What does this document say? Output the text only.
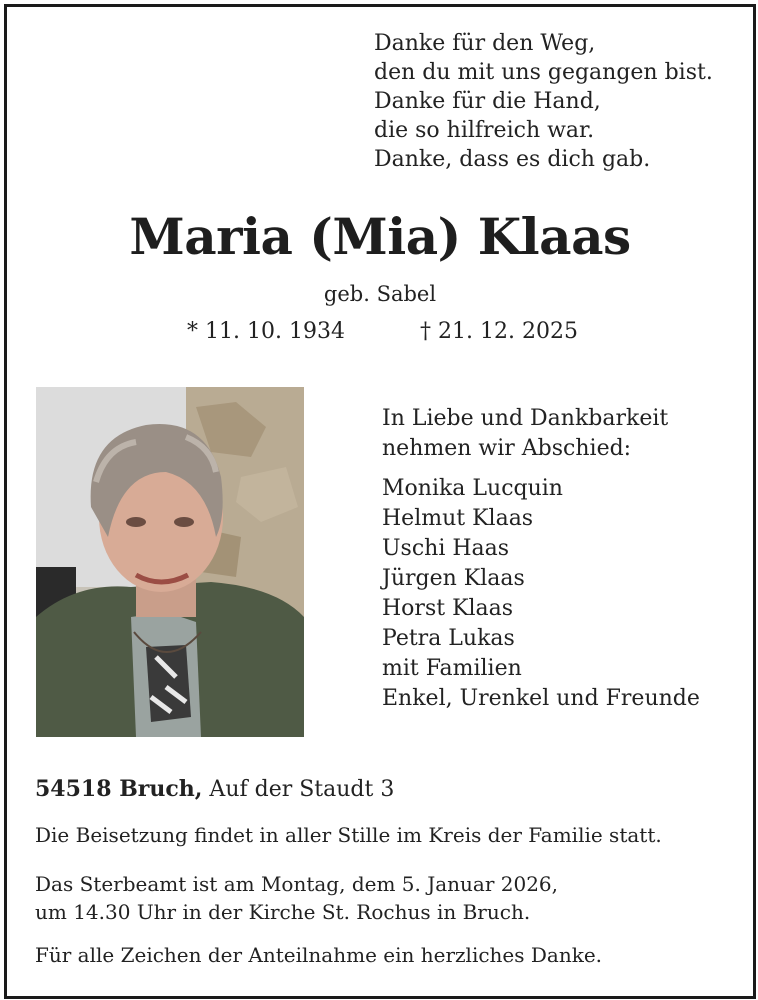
Danke für den Weg,
den du mit uns gegangen bist.
Danke für die Hand,
die so hilfreich war.
Danke, dass es dich gab.
Maria (Mia) Klaas
geb. Sabel
* 11. 10. 1934	† 21. 12. 2025
In Liebe und Dankbarkeit
nehmen wir Abschied:
Monika Lucquin
Helmut Klaas
Uschi Haas
Jürgen Klaas
Horst Klaas
Petra Lukas
mit Familien
Enkel, Urenkel und Freunde
54518 Bruch, Auf der Staudt 3
Die Beisetzung findet in aller Stille im Kreis der Familie statt.
Das Sterbeamt ist am Montag, dem 5. Januar 2026,
um 14.30 Uhr in der Kirche St. Rochus in Bruch.
Für alle Zeichen der Anteilnahme ein herzliches Danke.
